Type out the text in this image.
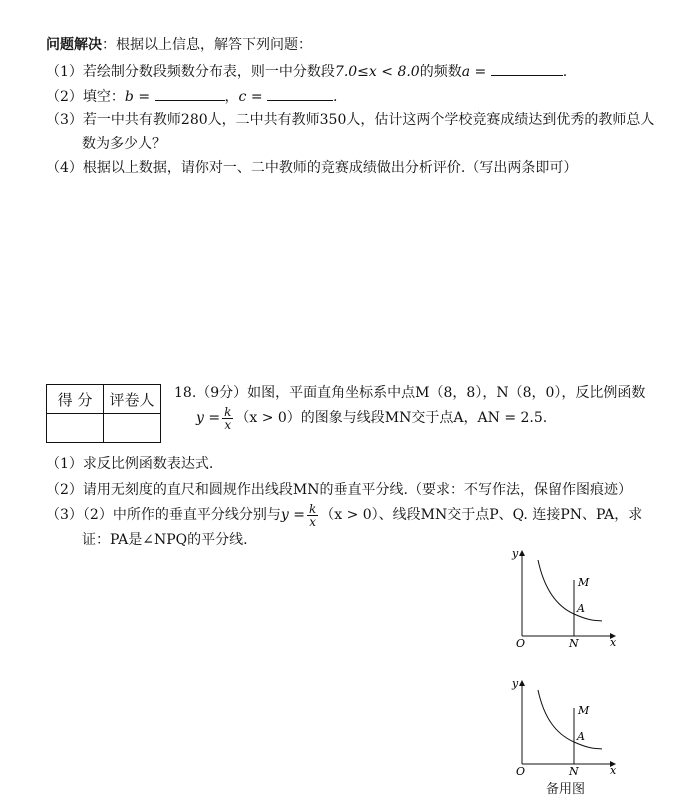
问题解决：根据以上信息，解答下列问题：
（1）若绘制分数段频数分布表，则一中分数段7.0≤x < 8.0的频数a =	.
（2）填空：b =	，c =	.
（3）若一中共有教师280人，二中共有教师350人，估计这两个学校竞赛成绩达到优秀的教师总人
数为多少人？
（4）根据以上数据，请你对一、二中教师的竞赛成绩做出分析评价.（写出两条即可）
得 分	评卷人
	18.（9分）如图，平面直角坐标系中点M（8，8），N（8，0），反比例函数
$y = \frac{k}{x} (x > 0)$的图象与线段MN交于点A，AN = 2.5.
（1）求反比例函数表达式.
（2）请用无刻度的直尺和圆规作出线段MN的垂直平分线.（要求：不写作法，保留作图痕迹）
（3）（2）中所作的垂直平分线分别与$y = \frac{k}{x} (x > 0)$、线段MN交于点P、Q. 连接PN、PA，求
证：PA是∠NPQ的平分线.
y
x
O	N
M
A
y
x
O	N
M
A
备用图
